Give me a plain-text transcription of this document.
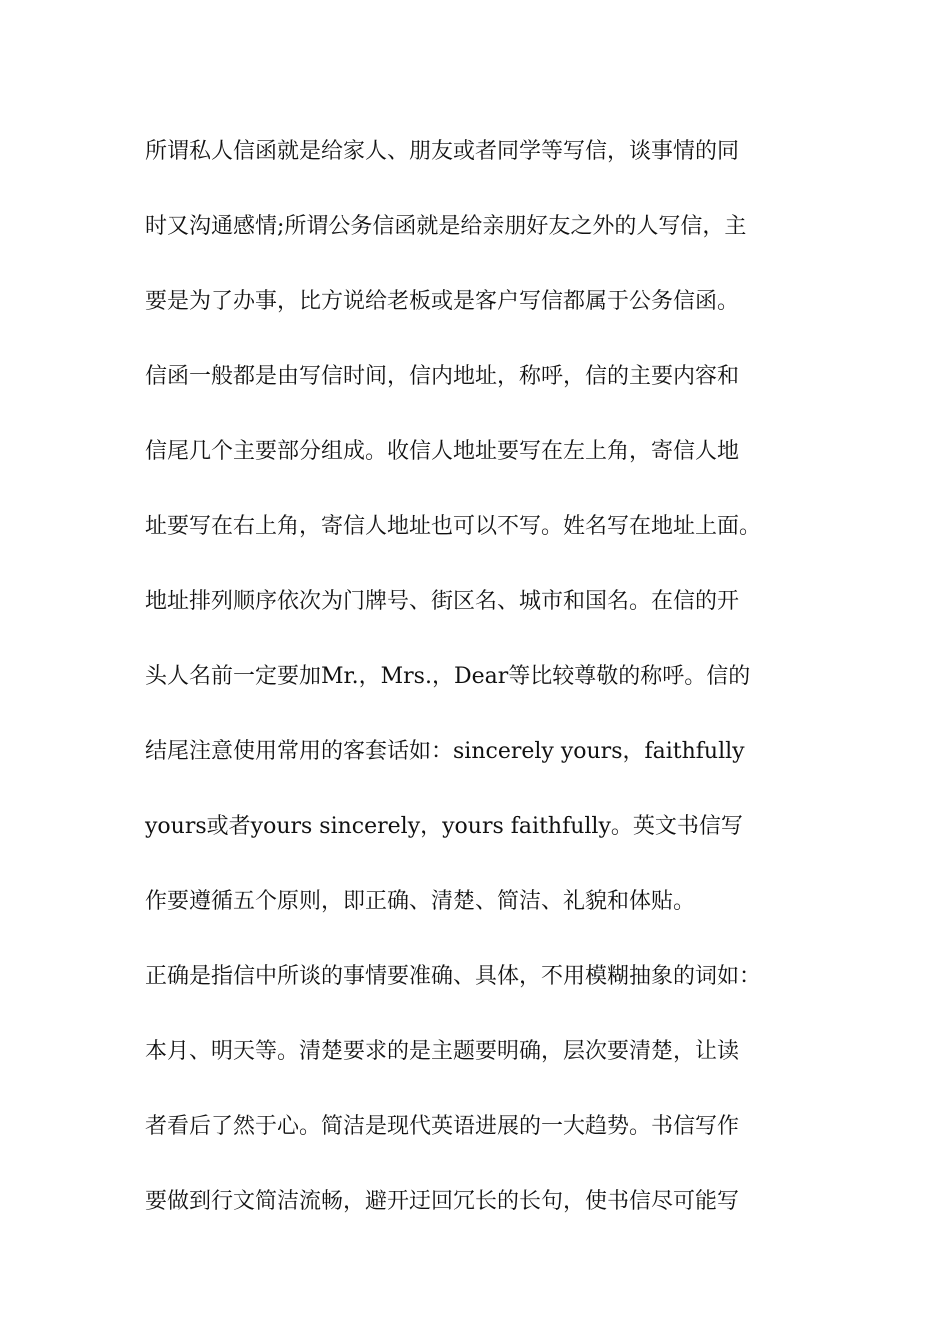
所谓私人信函就是给家人、朋友或者同学等写信，谈事情的同
时又沟通感情;所谓公务信函就是给亲朋好友之外的人写信，主
要是为了办事，比方说给老板或是客户写信都属于公务信函。
信函一般都是由写信时间，信内地址，称呼，信的主要内容和
信尾几个主要部分组成。收信人地址要写在左上角，寄信人地
址要写在右上角，寄信人地址也可以不写。姓名写在地址上面。
地址排列顺序依次为门牌号、街区名、城市和国名。在信的开
头人名前一定要加Mr.，Mrs.，Dear等比较尊敬的称呼。信的
结尾注意使用常用的客套话如：sincerely yours，faithfully
yours或者yours sincerely，yours faithfully。英文书信写
作要遵循五个原则，即正确、清楚、简洁、礼貌和体贴。
正确是指信中所谈的事情要准确、具体，不用模糊抽象的词如：
本月、明天等。清楚要求的是主题要明确，层次要清楚，让读
者看后了然于心。简洁是现代英语进展的一大趋势。书信写作
要做到行文简洁流畅，避开迂回冗长的长句，使书信尽可能写
